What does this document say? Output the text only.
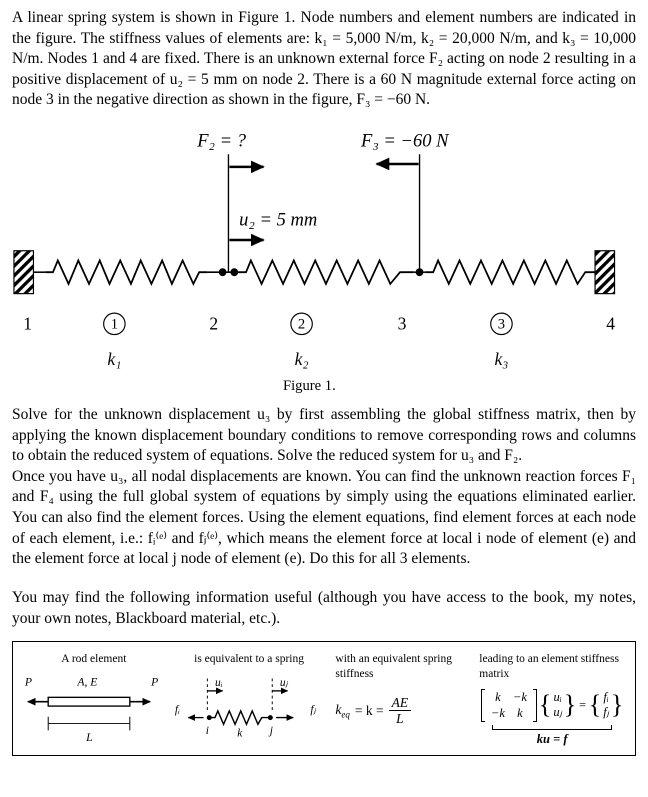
A linear spring system is shown in Figure 1. Node numbers and element numbers are indicated in the figure. The stiffness values of elements are: k₁ = 5,000 N/m, k₂ = 20,000 N/m, and k₃ = 10,000 N/m. Nodes 1 and 4 are fixed. There is an unknown external force F₂ acting on node 2 resulting in a positive displacement of u₂ = 5 mm on node 2. There is a 60 N magnitude external force acting on node 3 in the negative direction as shown in the figure, F₃ = −60 N.

F₂ = ?	F₃ = −60 N
u₂ = 5 mm
1	2	3	4
1	2	3
k₁	k₂	k₃
Figure 1.

Solve for the unknown displacement u₃ by first assembling the global stiffness matrix, then by applying the known displacement boundary conditions to remove corresponding rows and columns to obtain the reduced system of equations. Solve the reduced system for u₃ and F₂.

Once you have u₃, all nodal displacements are known. You can find the unknown reaction forces F₁ and F₄ using the full global system of equations by simply using the equations eliminated earlier. You can also find the element forces. Using the element equations, find element forces at each node of each element, i.e.: fᵢ⁽ᵉ⁾ and fⱼ⁽ᵉ⁾, which means the element force at local i node of element (e) and the element force at local j node of element (e). Do this for all 3 elements.

You may find the following information useful (although you have access to the book, my notes, your own notes, Blackboard material, etc.).

A rod element
P	A, E	P
L
is equivalent to a spring
uᵢ	uⱼ
fᵢ	fⱼ
i	j
k
with an equivalent spring stiffness
$k_{eq} = k = \frac{AE}{L}$
leading to an element stiffness matrix
k −k
−k k { uᵢ
uⱼ } = { fᵢ
fⱼ }
ku = f
